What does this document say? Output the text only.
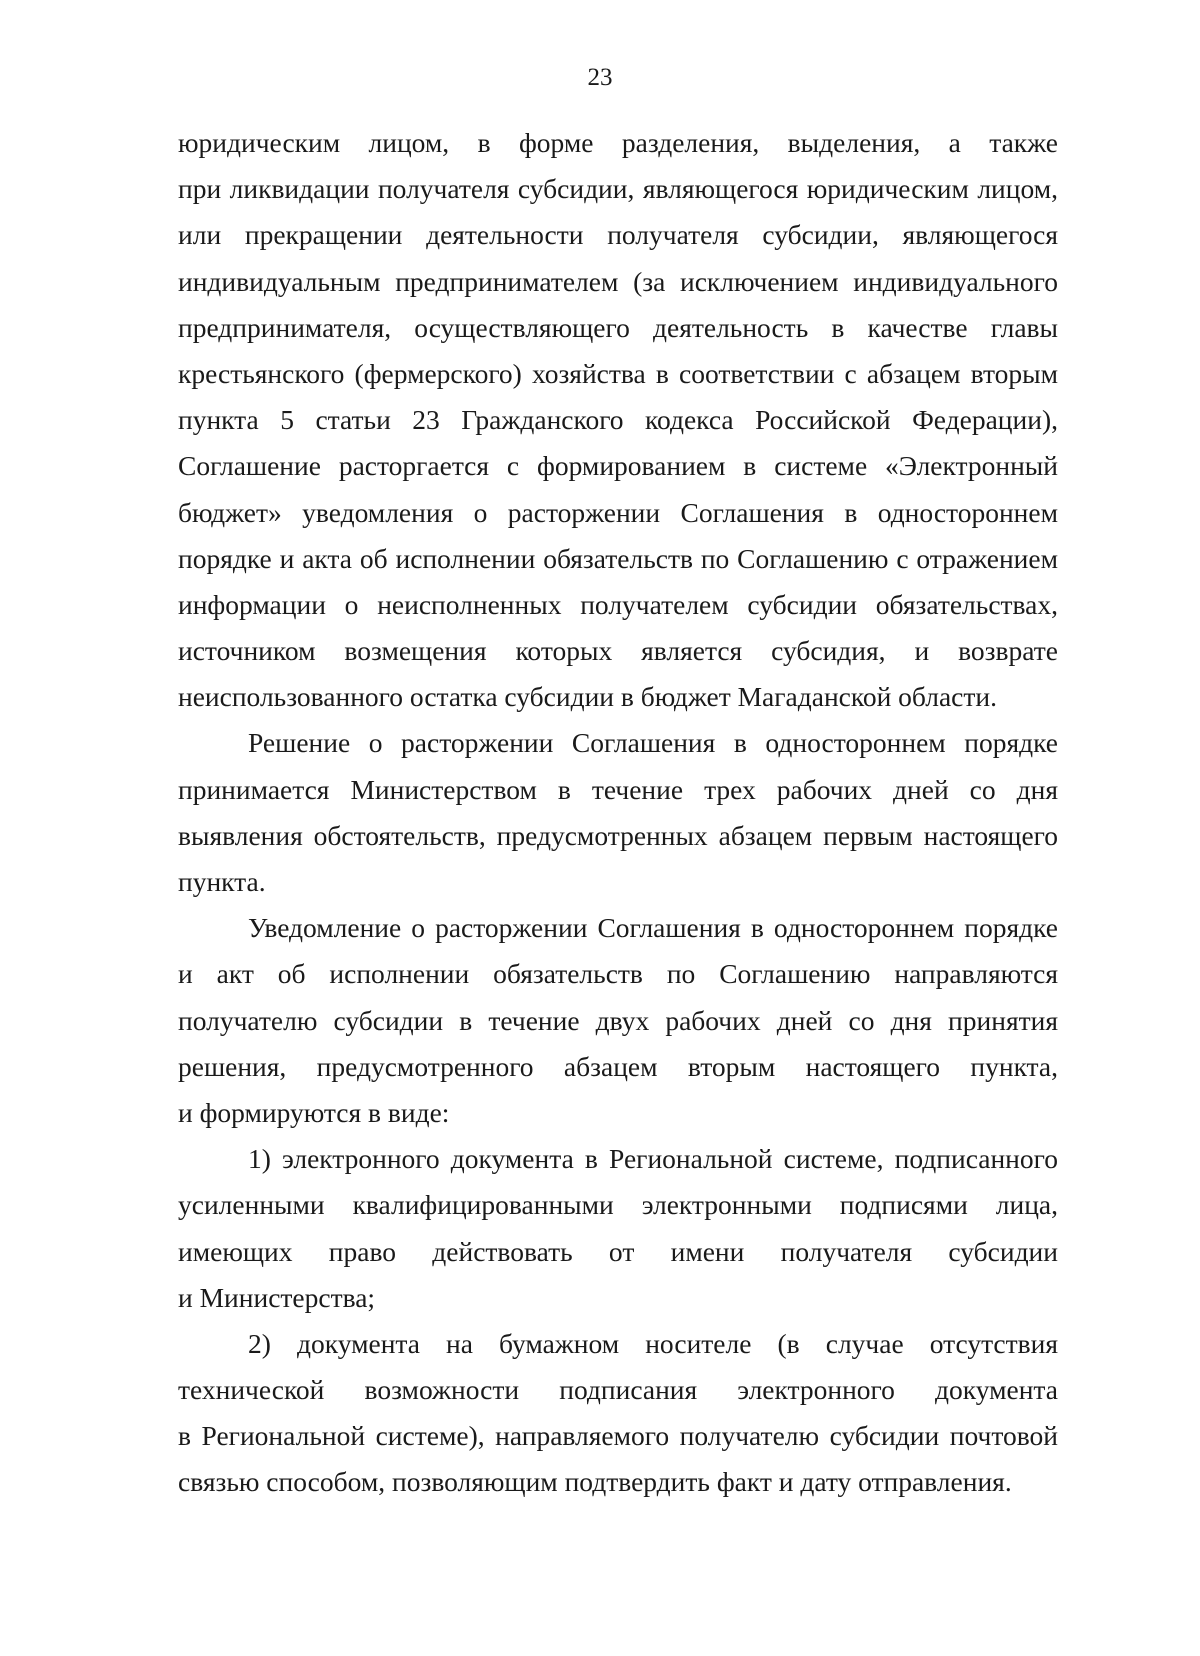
23
юридическим лицом, в форме разделения, выделения, а также
при ликвидации получателя субсидии, являющегося юридическим лицом,
или прекращении деятельности получателя субсидии, являющегося
индивидуальным предпринимателем (за исключением индивидуального
предпринимателя, осуществляющего деятельность в качестве главы
крестьянского (фермерского) хозяйства в соответствии с абзацем вторым
пункта 5 статьи 23 Гражданского кодекса Российской Федерации),
Соглашение расторгается с формированием в системе «Электронный
бюджет» уведомления о расторжении Соглашения в одностороннем
порядке и акта об исполнении обязательств по Соглашению с отражением
информации о неисполненных получателем субсидии обязательствах,
источником возмещения которых является субсидия, и возврате
неиспользованного остатка субсидии в бюджет Магаданской области.
Решение о расторжении Соглашения в одностороннем порядке
принимается Министерством в течение трех рабочих дней со дня
выявления обстоятельств, предусмотренных абзацем первым настоящего
пункта.
Уведомление о расторжении Соглашения в одностороннем порядке
и акт об исполнении обязательств по Соглашению направляются
получателю субсидии в течение двух рабочих дней со дня принятия
решения, предусмотренного абзацем вторым настоящего пункта,
и формируются в виде:
1) электронного документа в Региональной системе, подписанного
усиленными квалифицированными электронными подписями лица,
имеющих право действовать от имени получателя субсидии
и Министерства;
2) документа на бумажном носителе (в случае отсутствия
технической возможности подписания электронного документа
в Региональной системе), направляемого получателю субсидии почтовой
связью способом, позволяющим подтвердить факт и дату отправления.
